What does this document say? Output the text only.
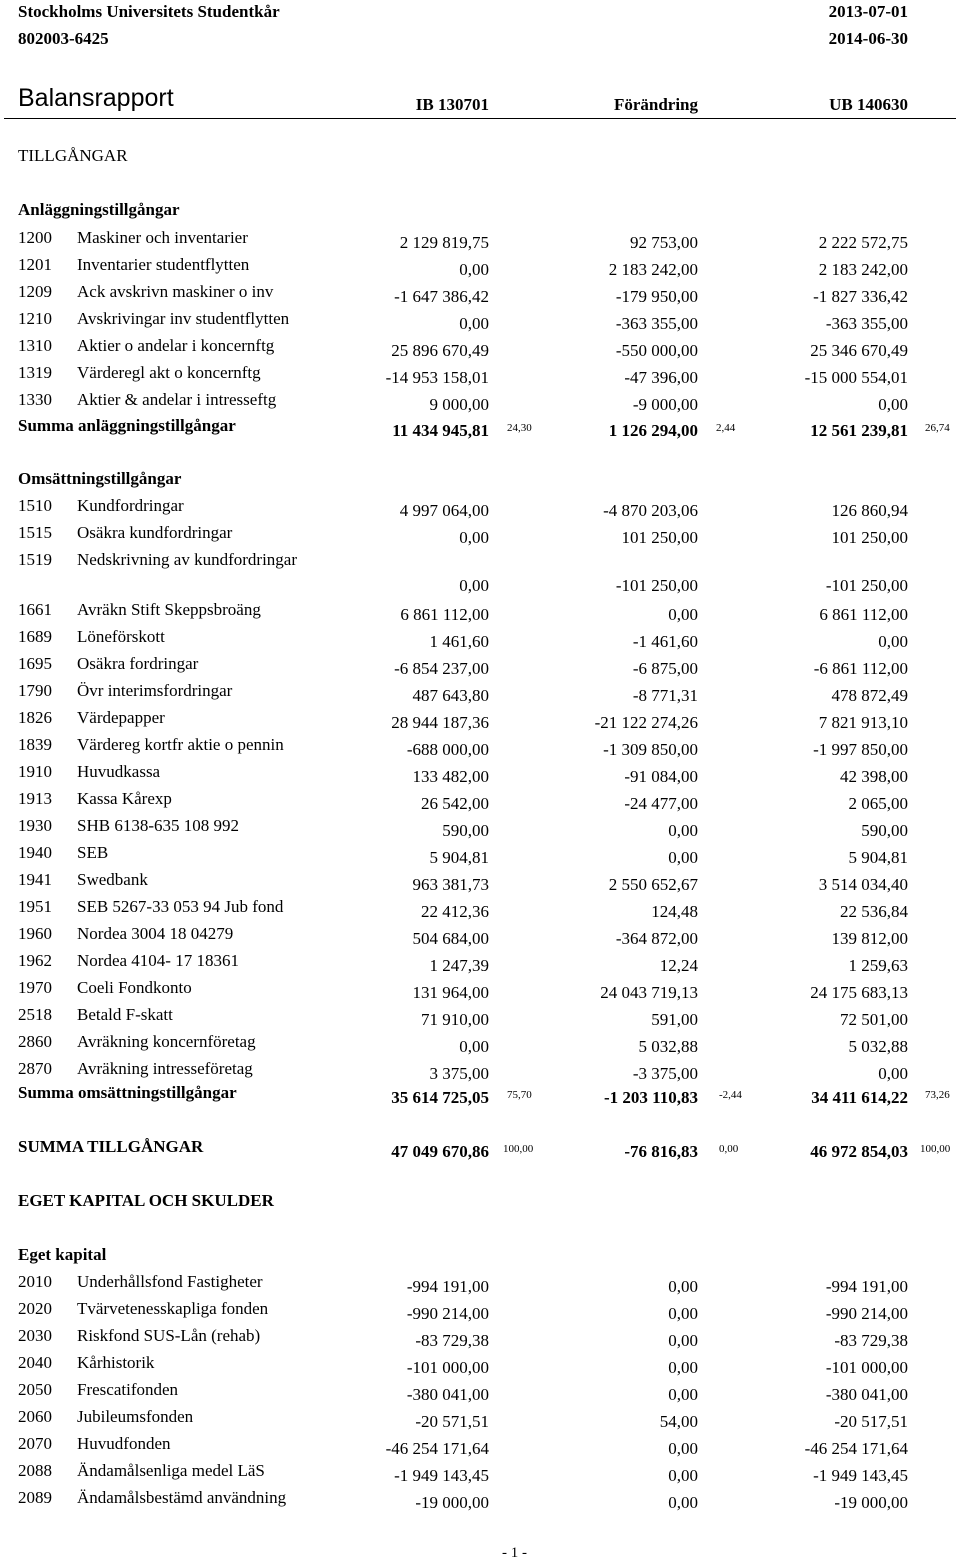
Stockholms Universitets Studentkår
802003-6425
2013-07-01
2014-06-30
Balansrapport	IB 130701	Förändring	UB 140630
TILLGÅNGAR
Anläggningstillgångar
1200 Maskiner och inventarier	2 129 819,75	92 753,00	2 222 572,75
1201 Inventarier studentflytten	0,00	2 183 242,00	2 183 242,00
1209 Ack avskrivn maskiner o inv	-1 647 386,42	-179 950,00	-1 827 336,42
1210 Avskrivingar inv studentflytten	0,00	-363 355,00	-363 355,00
1310 Aktier o andelar i koncernftg	25 896 670,49	-550 000,00	25 346 670,49
1319 Värderegl akt o koncernftg	-14 953 158,01	-47 396,00	-15 000 554,01
1330 Aktier & andelar i intresseftg	9 000,00	-9 000,00	0,00
Summa anläggningstillgångar	11 434 945,81 24,30	1 126 294,00 2,44	12 561 239,81 26,74
Omsättningstillgångar
1510 Kundfordringar	4 997 064,00	-4 870 203,06	126 860,94
1515 Osäkra kundfordringar	0,00	101 250,00	101 250,00
1519 Nedskrivning av kundfordringar
0,00	-101 250,00	-101 250,00
1661 Avräkn Stift Skeppsbroäng	6 861 112,00	0,00	6 861 112,00
1689 Löneförskott	1 461,60	-1 461,60	0,00
1695 Osäkra fordringar	-6 854 237,00	-6 875,00	-6 861 112,00
1790 Övr interimsfordringar	487 643,80	-8 771,31	478 872,49
1826 Värdepapper	28 944 187,36	-21 122 274,26	7 821 913,10
1839 Värdereg kortfr aktie o pennin	-688 000,00	-1 309 850,00	-1 997 850,00
1910 Huvudkassa	133 482,00	-91 084,00	42 398,00
1913 Kassa Kårexp	26 542,00	-24 477,00	2 065,00
1930 SHB 6138-635 108 992	590,00	0,00	590,00
1940 SEB	5 904,81	0,00	5 904,81
1941 Swedbank	963 381,73	2 550 652,67	3 514 034,40
1951 SEB 5267-33 053 94 Jub fond	22 412,36	124,48	22 536,84
1960 Nordea 3004 18 04279	504 684,00	-364 872,00	139 812,00
1962 Nordea 4104- 17 18361	1 247,39	12,24	1 259,63
1970 Coeli Fondkonto	131 964,00	24 043 719,13	24 175 683,13
2518 Betald F-skatt	71 910,00	591,00	72 501,00
2860 Avräkning koncernföretag	0,00	5 032,88	5 032,88
2870 Avräkning intresseföretag	3 375,00	-3 375,00	0,00
Summa omsättningstillgångar	35 614 725,05 75,70	-1 203 110,83 -2,44	34 411 614,22 73,26
SUMMA TILLGÅNGAR	47 049 670,86 100,00	-76 816,83 0,00	46 972 854,03 100,00
EGET KAPITAL OCH SKULDER
Eget kapital
2010 Underhållsfond Fastigheter	-994 191,00	0,00	-994 191,00
2020 Tvärvetenesskapliga fonden	-990 214,00	0,00	-990 214,00
2030 Riskfond SUS-Lån (rehab)	-83 729,38	0,00	-83 729,38
2040 Kårhistorik	-101 000,00	0,00	-101 000,00
2050 Frescatifonden	-380 041,00	0,00	-380 041,00
2060 Jubileumsfonden	-20 571,51	54,00	-20 517,51
2070 Huvudfonden	-46 254 171,64	0,00	-46 254 171,64
2088 Ändamålsenliga medel LäS	-1 949 143,45	0,00	-1 949 143,45
2089 Ändamålsbestämd användning	-19 000,00	0,00	-19 000,00
- 1 -
